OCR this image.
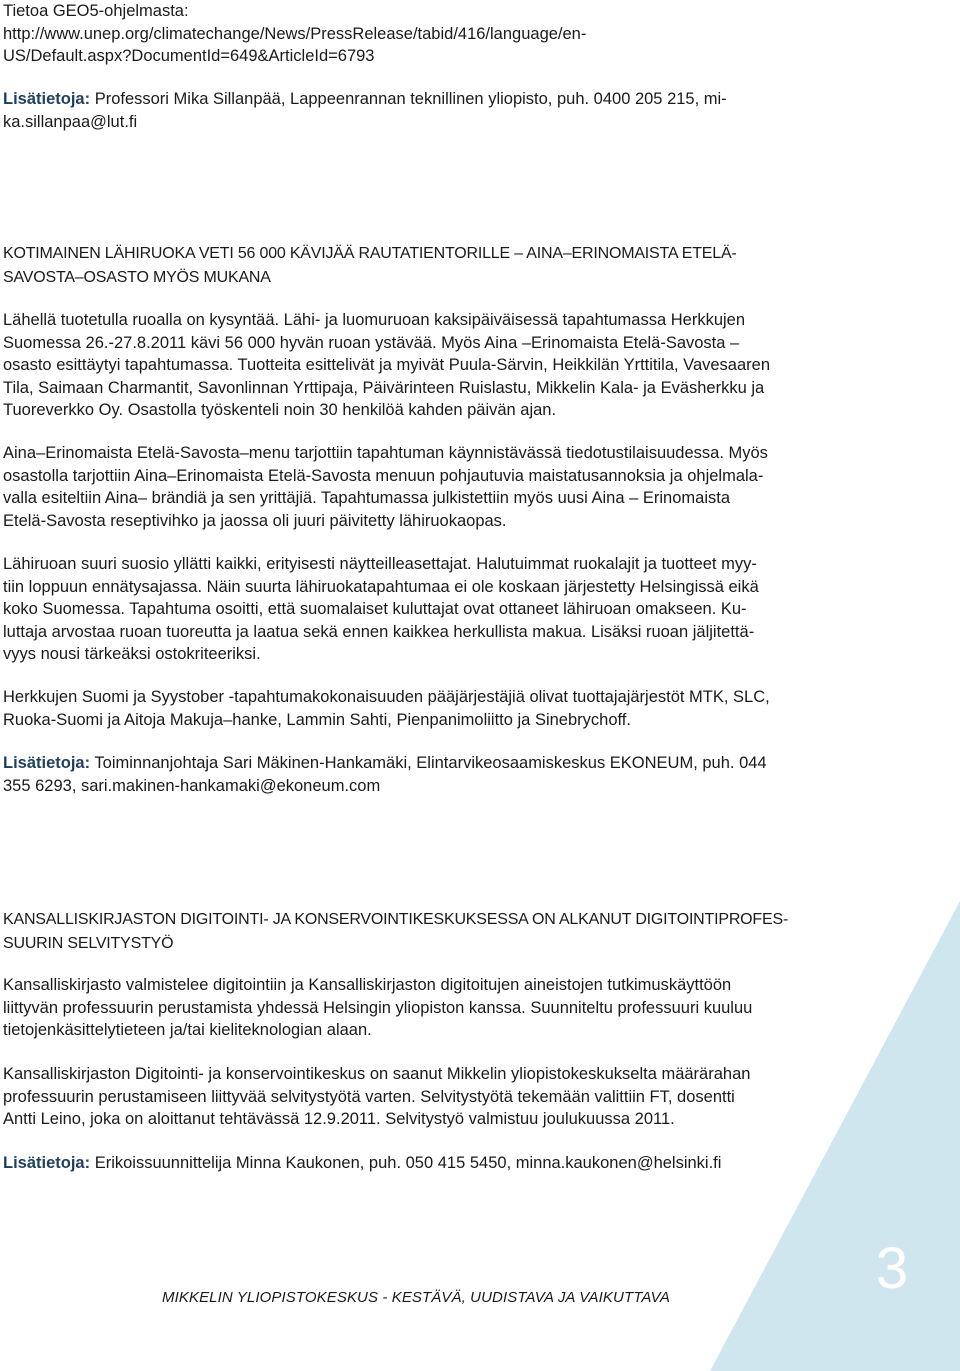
Tietoa GEO5-ohjelmasta:
http://www.unep.org/climatechange/News/PressRelease/tabid/416/language/en-
US/Default.aspx?DocumentId=649&ArticleId=6793
Lisätietoja: Professori Mika Sillanpää, Lappeenrannan teknillinen yliopisto, puh. 0400 205 215, mi-
ka.sillanpaa@lut.fi
KOTIMAINEN LÄHIRUOKA VETI 56 000 KÄVIJÄÄ RAUTATIENTORILLE – AINA–ERINOMAISTA ETELÄ-
SAVOSTA–OSASTO MYÖS MUKANA
Lähellä tuotetulla ruoalla on kysyntää. Lähi- ja luomuruoan kaksipäiväisessä tapahtumassa Herkkujen
Suomessa 26.-27.8.2011 kävi 56 000 hyvän ruoan ystävää. Myös Aina –Erinomaista Etelä-Savosta –
osasto esittäytyi tapahtumassa. Tuotteita esittelivät ja myivät Puula-Särvin, Heikkilän Yrttitila, Vavesaaren
Tila, Saimaan Charmantit, Savonlinnan Yrttipaja, Päivärinteen Ruislastu, Mikkelin Kala- ja Eväsherkku ja
Tuoreverkko Oy. Osastolla työskenteli noin 30 henkilöä kahden päivän ajan.
Aina–Erinomaista Etelä-Savosta–menu tarjottiin tapahtuman käynnistävässä tiedotustilaisuudessa. Myös
osastolla tarjottiin Aina–Erinomaista Etelä-Savosta menuun pohjautuvia maistatusannoksia ja ohjelmala-
valla esiteltiin Aina– brändiä ja sen yrittäjiä. Tapahtumassa julkistettiin myös uusi Aina – Erinomaista
Etelä-Savosta reseptivihko ja jaossa oli juuri päivitetty lähiruokaopas.
Lähiruoan suuri suosio yllätti kaikki, erityisesti näytteilleasettajat. Halutuimmat ruokalajit ja tuotteet myy-
tiin loppuun ennätysajassa. Näin suurta lähiruokatapahtumaa ei ole koskaan järjestetty Helsingissä eikä
koko Suomessa. Tapahtuma osoitti, että suomalaiset kuluttajat ovat ottaneet lähiruoan omakseen. Ku-
luttaja arvostaa ruoan tuoreutta ja laatua sekä ennen kaikkea herkullista makua. Lisäksi ruoan jäljitettä-
vyys nousi tärkeäksi ostokriteeriksi.
Herkkujen Suomi ja Syystober -tapahtumakokonaisuuden pääjärjestäjiä olivat tuottajajärjestöt MTK, SLC,
Ruoka-Suomi ja Aitoja Makuja–hanke, Lammin Sahti, Pienpanimoliitto ja Sinebrychoff.
Lisätietoja: Toiminnanjohtaja Sari Mäkinen-Hankamäki, Elintarvikeosaamiskeskus EKONEUM, puh. 044
355 6293, sari.makinen-hankamaki@ekoneum.com
KANSALLISKIRJASTON DIGITOINTI- JA KONSERVOINTIKESKUKSESSA ON ALKANUT DIGITOINTIPROFES-
SUURIN SELVITYSTYÖ
Kansalliskirjasto valmistelee digitointiin ja Kansalliskirjaston digitoitujen aineistojen tutkimuskäyttöön
liittyvän professuurin perustamista yhdessä Helsingin yliopiston kanssa. Suunniteltu professuuri kuuluu
tietojenkäsittelytieteen ja/tai kieliteknologian alaan.
Kansalliskirjaston Digitointi- ja konservointikeskus on saanut Mikkelin yliopistokeskukselta määrärahan
professuurin perustamiseen liittyvää selvitystyötä varten. Selvitystyötä tekemään valittiin FT, dosentti
Antti Leino, joka on aloittanut tehtävässä 12.9.2011. Selvitystyö valmistuu joulukuussa 2011.
Lisätietoja: Erikoissuunnittelija Minna Kaukonen, puh. 050 415 5450, minna.kaukonen@helsinki.fi
MIKKELIN YLIOPISTOKESKUS - KESTÄVÄ, UUDISTAVA JA VAIKUTTAVA	3
